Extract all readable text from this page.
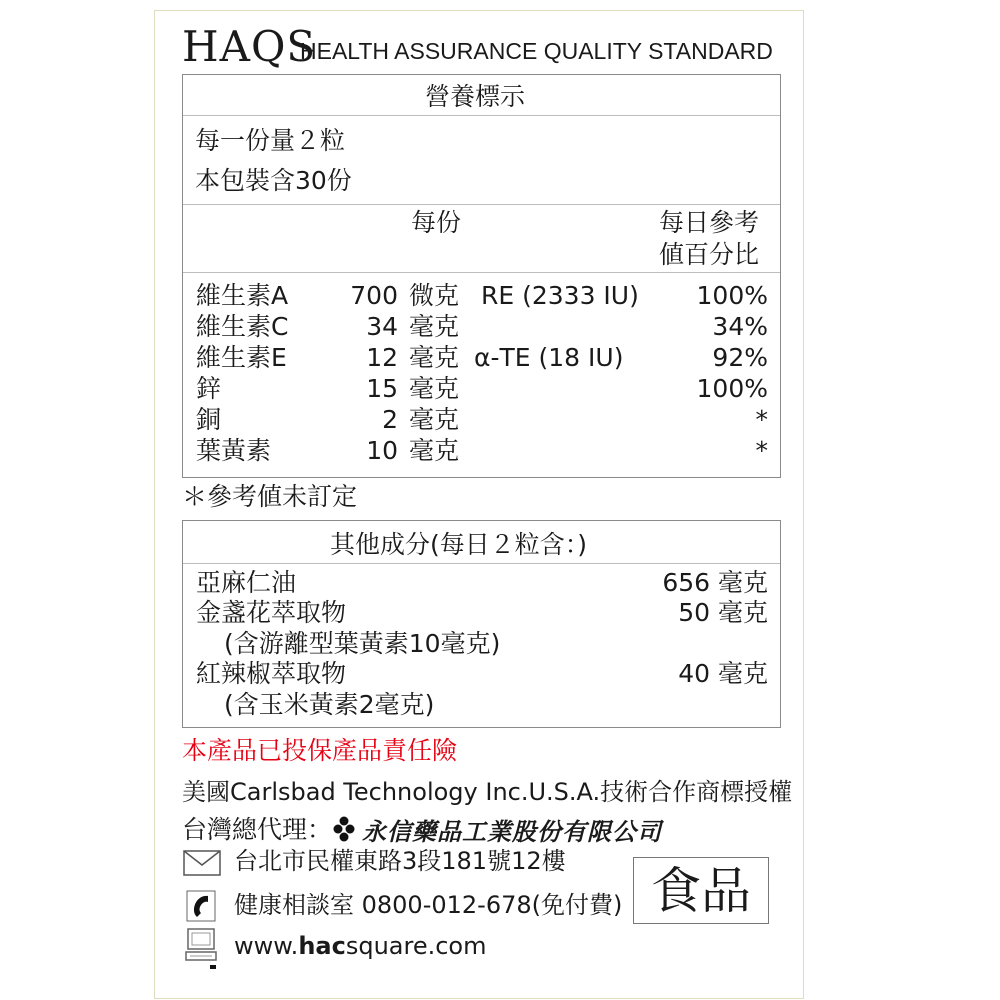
HAQS
HEALTH ASSURANCE QUALITY STANDARD
營養標示
每一份量２粒
本包裝含30份
每份	每日參考
値百分比
維生素A	700 微克 RE (2333 IU)	100%
維生素C	34 毫克	34%
維生素E	12 毫克 α-TE (18 IU)	92%
鋅	15 毫克	100%
銅	2 毫克	*
葉黃素	10 毫克	*
＊參考値未訂定
其他成分(每日２粒含：)
亞麻仁油	656 毫克
金盞花萃取物	50 毫克
(含游離型葉黃素10毫克)
紅辣椒萃取物	40 毫克
(含玉米黃素2毫克)
本產品已投保產品責任險
美國Carlsbad Technology Inc.U.S.A.技術合作商標授權
台灣總代理： 永信藥品工業股份有限公司
台北市民權東路3段181號12樓
健康相談室 0800-012-678(免付費) 食品
www.hacsquare.com
